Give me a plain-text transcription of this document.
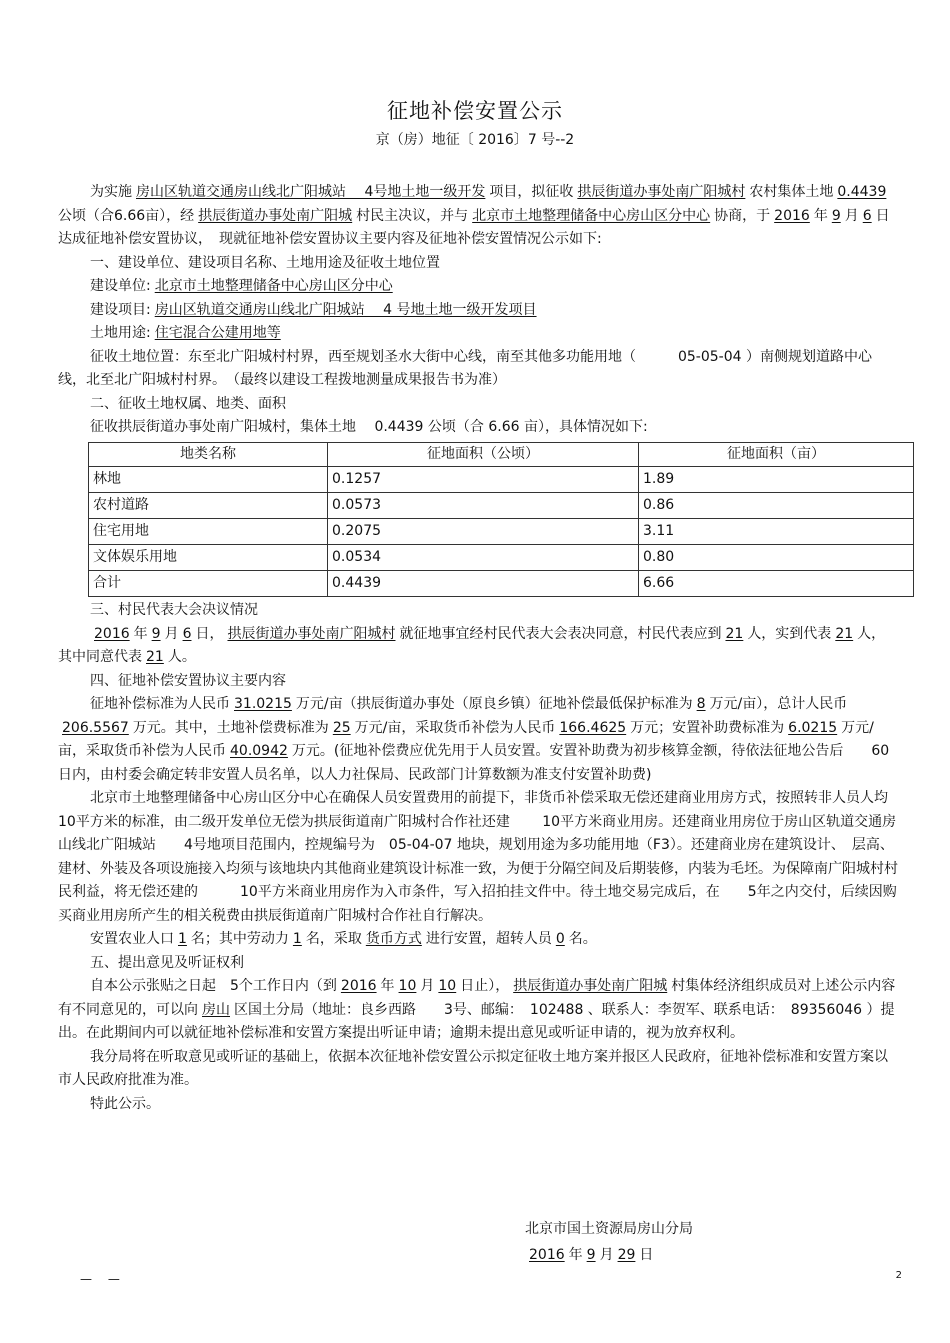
征地补偿安置公示
京（房）地征〔 2016〕7 号--2

为实施 房山区轨道交通房山线北广阳城站　 4号地土地一级开发 项目，拟征收 拱辰街道办事处南广阳城村 农村集体土地 0.4439公顷（合6.66亩），经 拱辰街道办事处南广阳城 村民主决议，并与 北京市土地整理储备中心房山区分中心 协商，于 2016 年 9 月 6 日达成征地补偿安置协议，　现就征地补偿安置协议主要内容及征地补偿安置情况公示如下:

一、建设单位、建设项目名称、土地用途及征收土地位置

建设单位: 北京市土地整理储备中心房山区分中心

建设项目: 房山区轨道交通房山线北广阳城站　 4 号地土地一级开发项目

土地用途: 住宅混合公建用地等

征收土地位置：东至北广阳城村村界，西至规划圣水大街中心线，南至其他多功能用地（　　　05-05-04 ）南侧规划道路中心线，北至北广阳城村村界。　（最终以建设工程拨地测量成果报告书为准）

二、征收土地权属、地类、面积

征收拱辰街道办事处南广阳城村，集体土地　 0.4439 公顷（合 6.66 亩），具体情况如下:

地类名称	征地面积（公顷）	征地面积（亩）
林地	0.1257	1.89
农村道路	0.0573	0.86
住宅用地	0.2075	3.11
文体娱乐用地	0.0534	0.80
合计	0.4439	6.66

三、村民代表大会决议情况

2016 年 9 月 6 日， 拱辰街道办事处南广阳城村 就征地事宜经村民代表大会表决同意，村民代表应到 21 人，实到代表 21 人，其中同意代表 21 人。

四、征地补偿安置协议主要内容

征地补偿标准为人民币 31.0215 万元/亩（拱辰街道办事处（原良乡镇）征地补偿最低保护标准为 8 万元/亩），总计人民币206.5567 万元。其中，土地补偿费标准为 25 万元/亩，采取货币补偿为人民币 166.4625 万元；安置补助费标准为 6.0215 万元/亩，采取货币补偿为人民币 40.0942 万元。(征地补偿费应优先用于人员安置。安置补助费为初步核算金额，待依法征地公告后　　60日内，由村委会确定转非安置人员名单，以人力社保局、民政部门计算数额为准支付安置补助费)

北京市土地整理储备中心房山区分中心在确保人员安置费用的前提下，非货币补偿采取无偿还建商业用房方式，按照转非人员人均　10平方米的标准，由二级开发单位无偿为拱辰街道南广阳城村合作社还建　　 10平方米商业用房。还建商业用房位于房山区轨道交通房山线北广阳城站　　4号地项目范围内，控规编号为　05-04-07 地块，规划用途为多功能用地（F3）。还建商业房在建筑设计、　层高、建材、外装及各项设施接入均须与该地块内其他商业建筑设计标准一致，为便于分隔空间及后期装修，内装为毛坯。为保障南广阳城村村民利益，将无偿还建的　　　10平方米商业用房作为入市条件，写入招拍挂文件中。待土地交易完成后，在　　5年之内交付，后续因购买商业用房所产生的相关税费由拱辰街道南广阳城村合作社自行解决。

安置农业人口 1 名；其中劳动力 1 名，采取 货币方式 进行安置，超转人员 0 名。

五、提出意见及听证权利

自本公示张贴之日起　5个工作日内（到 2016 年 10 月 10 日止）， 拱辰街道办事处南广阳城 村集体经济组织成员对上述公示内容有不同意见的，可以向 房山 区国土分局（地址：良乡西路　　3号、邮编：　102488 、联系人：李贺军、联系电话：　89356046 ）提出。在此期间内可以就征地补偿标准和安置方案提出听证申请；逾期未提出意见或听证申请的，视为放弃权利。

我分局将在听取意见或听证的基础上，依据本次征地补偿安置公示拟定征收土地方案并报区人民政府，征地补偿标准和安置方案以市人民政府批准为准。

特此公示。

北京市国土资源局房山分局
2016 年 9 月 29 日
— —	2
